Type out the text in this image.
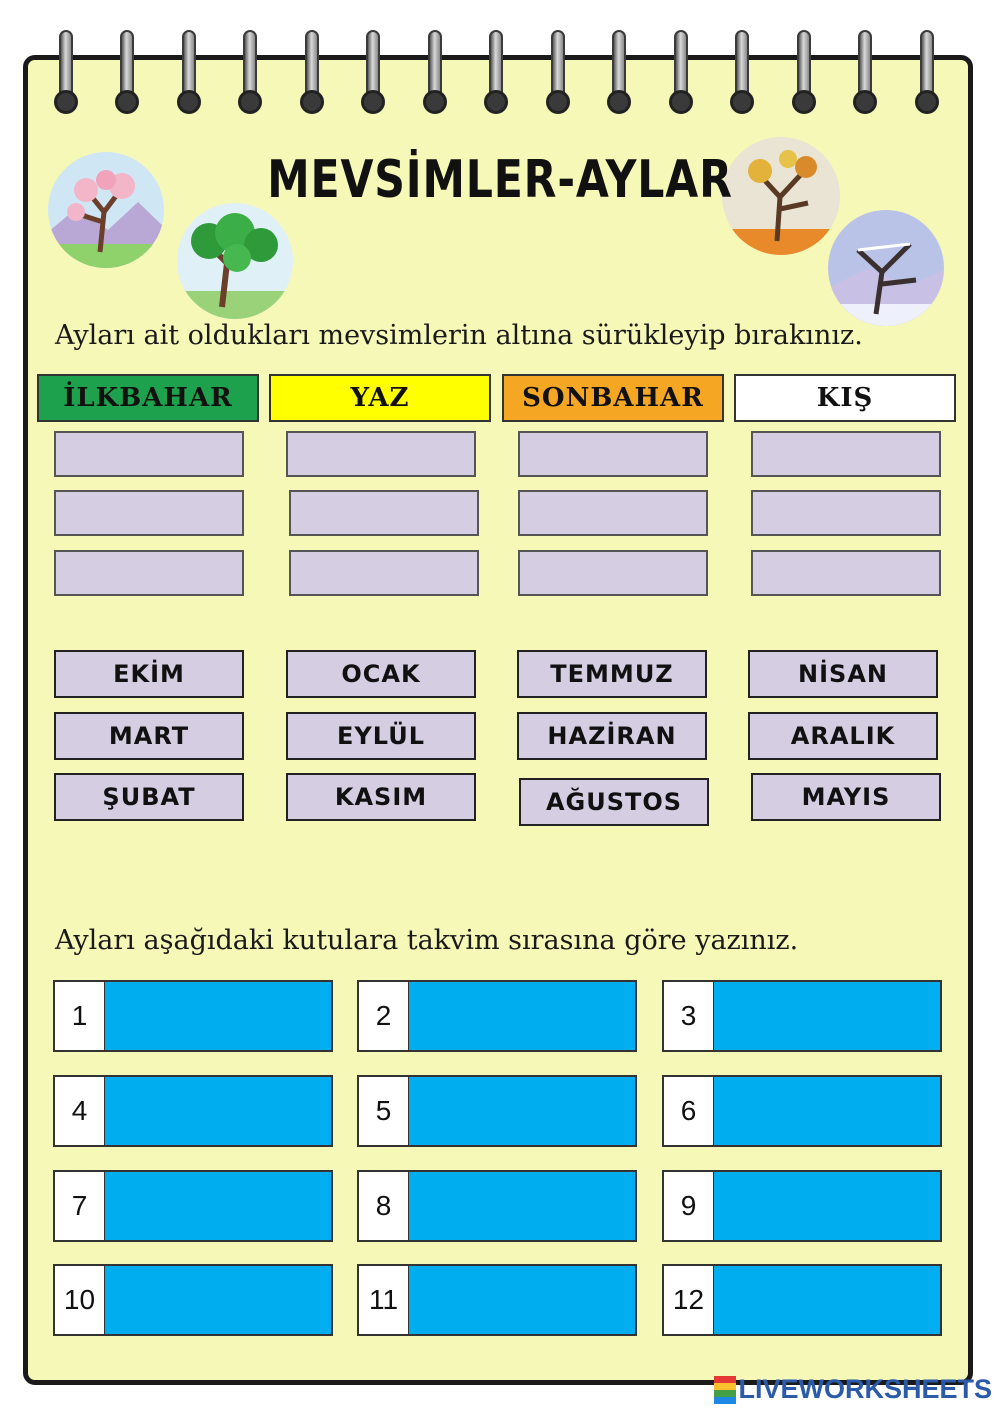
MEVSİMLER-AYLAR
Ayları ait oldukları mevsimlerin altına sürükleyip bırakınız.
İLKBAHAR	YAZ	SONBAHAR	KIŞ
EKİM	OCAK	TEMMUZ	NİSAN
MART	EYLÜL	HAZİRAN	ARALIK
ŞUBAT	KASIM	AĞUSTOS	MAYIS
Ayları aşağıdaki kutulara takvim sırasına göre yazınız.
1	2	3
4	5	6
7	8	9
10	11	12
LIVEWORKSHEETS
